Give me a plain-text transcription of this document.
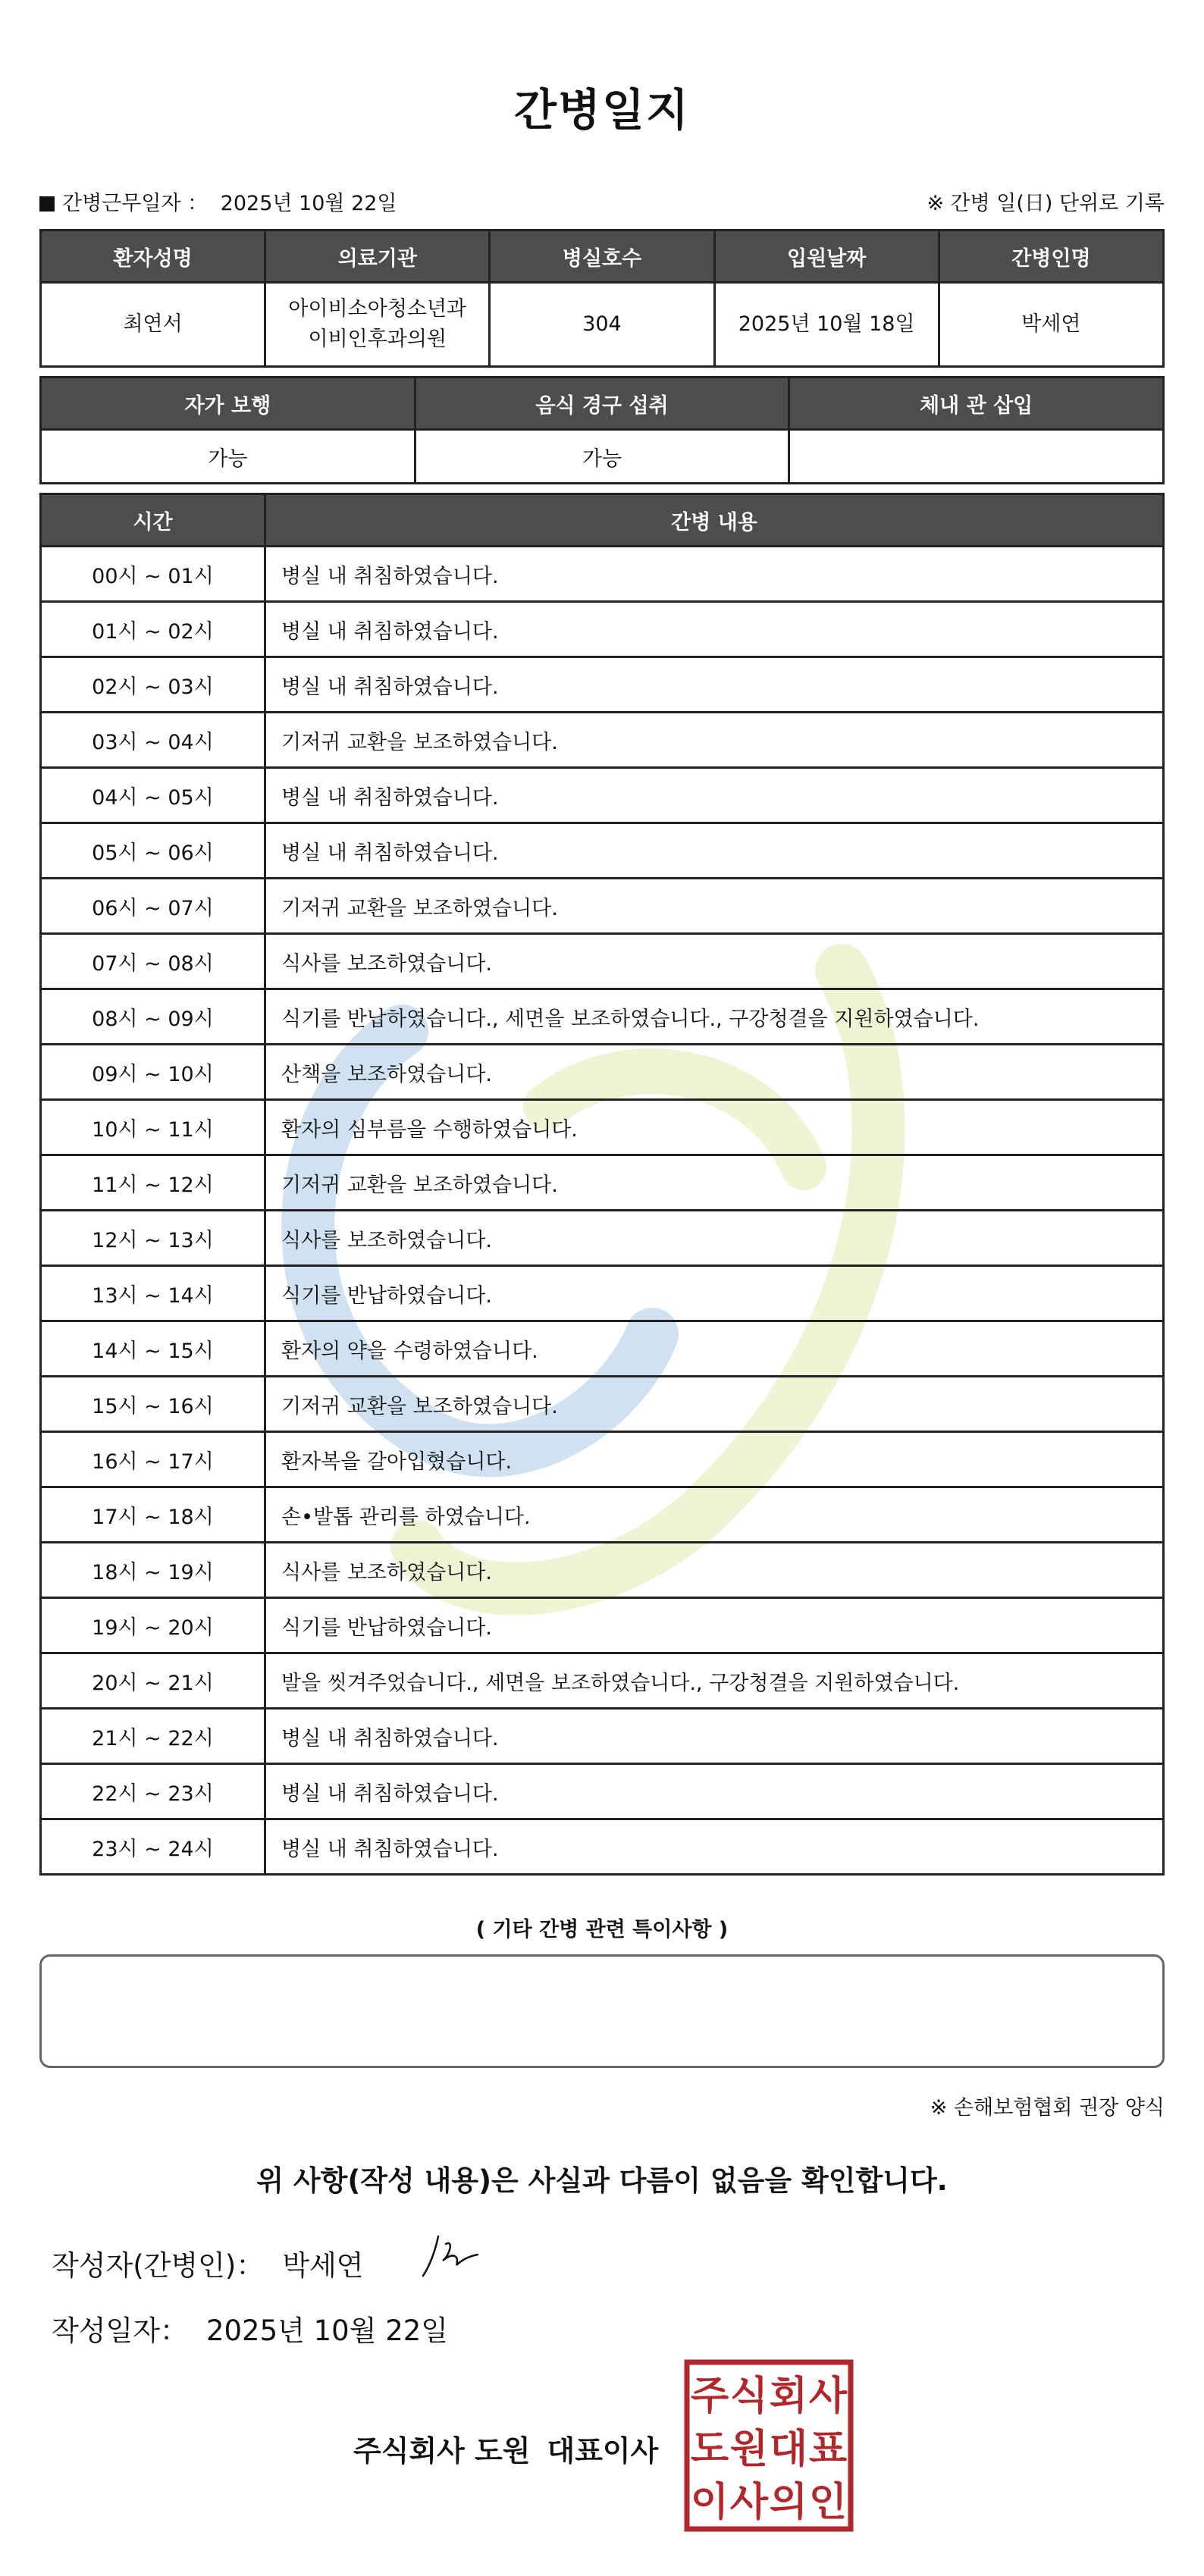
간병일지
간병근무일자 ： 2025년 10월 22일	※ 간병 일(日) 단위로 기록
환자성명	의료기관	병실호수	입원날짜	간병인명
최연서	아이비소아청소년과이비인후과의원	304	2025년 10월 18일	박세연
자가 보행	음식 경구 섭취	체내 관 삽입
가능	가능	
시간	간병 내용
00시 ~ 01시	병실 내 취침하였습니다.
01시 ~ 02시	병실 내 취침하였습니다.
02시 ~ 03시	병실 내 취침하였습니다.
03시 ~ 04시	기저귀 교환을 보조하였습니다.
04시 ~ 05시	병실 내 취침하였습니다.
05시 ~ 06시	병실 내 취침하였습니다.
06시 ~ 07시	기저귀 교환을 보조하였습니다.
07시 ~ 08시	식사를 보조하였습니다.
08시 ~ 09시	식기를 반납하였습니다., 세면을 보조하였습니다., 구강청결을 지원하였습니다.
09시 ~ 10시	산책을 보조하였습니다.
10시 ~ 11시	환자의 심부름을 수행하였습니다.
11시 ~ 12시	기저귀 교환을 보조하였습니다.
12시 ~ 13시	식사를 보조하였습니다.
13시 ~ 14시	식기를 반납하였습니다.
14시 ~ 15시	환자의 약을 수령하였습니다.
15시 ~ 16시	기저귀 교환을 보조하였습니다.
16시 ~ 17시	환자복을 갈아입혔습니다.
17시 ~ 18시	손•발톱 관리를 하였습니다.
18시 ~ 19시	식사를 보조하였습니다.
19시 ~ 20시	식기를 반납하였습니다.
20시 ~ 21시	발을 씻겨주었습니다., 세면을 보조하였습니다., 구강청결을 지원하였습니다.
21시 ~ 22시	병실 내 취침하였습니다.
22시 ~ 23시	병실 내 취침하였습니다.
23시 ~ 24시	병실 내 취침하였습니다.
( 기타 간병 관련 특이사항 )
※ 손해보험협회 권장 양식
위 사항(작성 내용)은 사실과 다름이 없음을 확인합니다.
작성자(간병인)： 박세연
작성일자： 2025년 10월 22일
주식회사 도원 대표이사
주 식 회 사
도 원 대 표
이 사 의 인
